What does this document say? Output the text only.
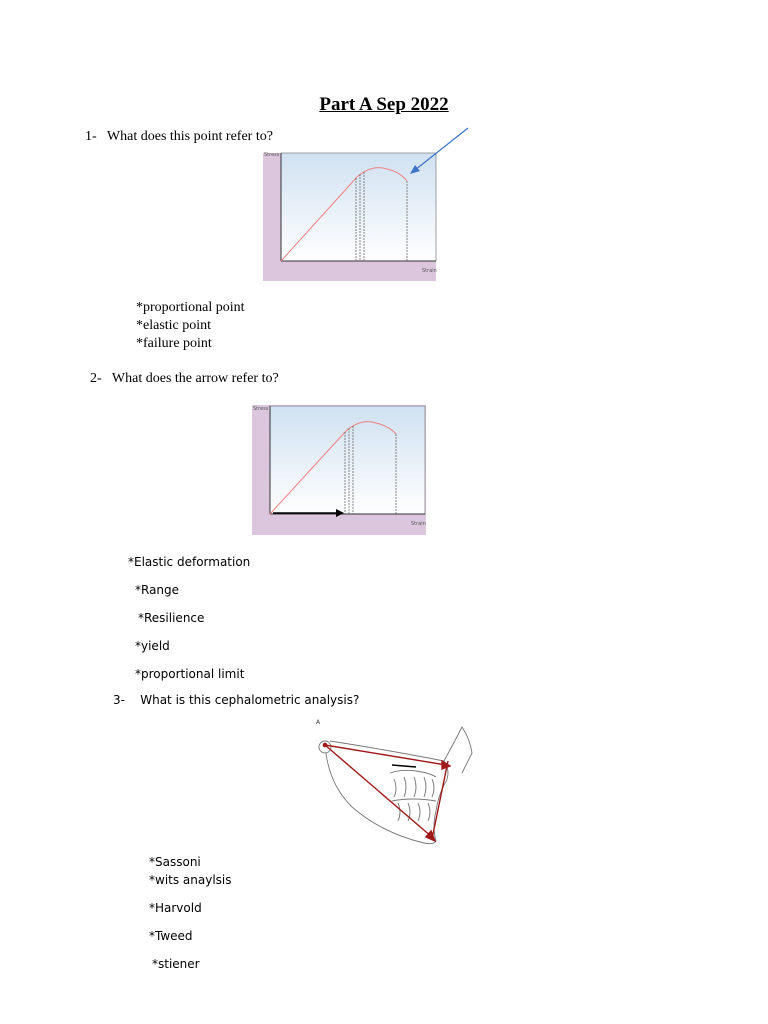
Part A Sep 2022
1- What does this point refer to?
Stress
Strain
*proportional point
*elastic point
*failure point
2- What does the arrow refer to?
Stress
Strain
*Elastic deformation
*Range
*Resilience
*yield
*proportional limit
3- What is this cephalometric analysis?
A
*Sassoni
*wits anaylsis
*Harvold
*Tweed
*stiener
